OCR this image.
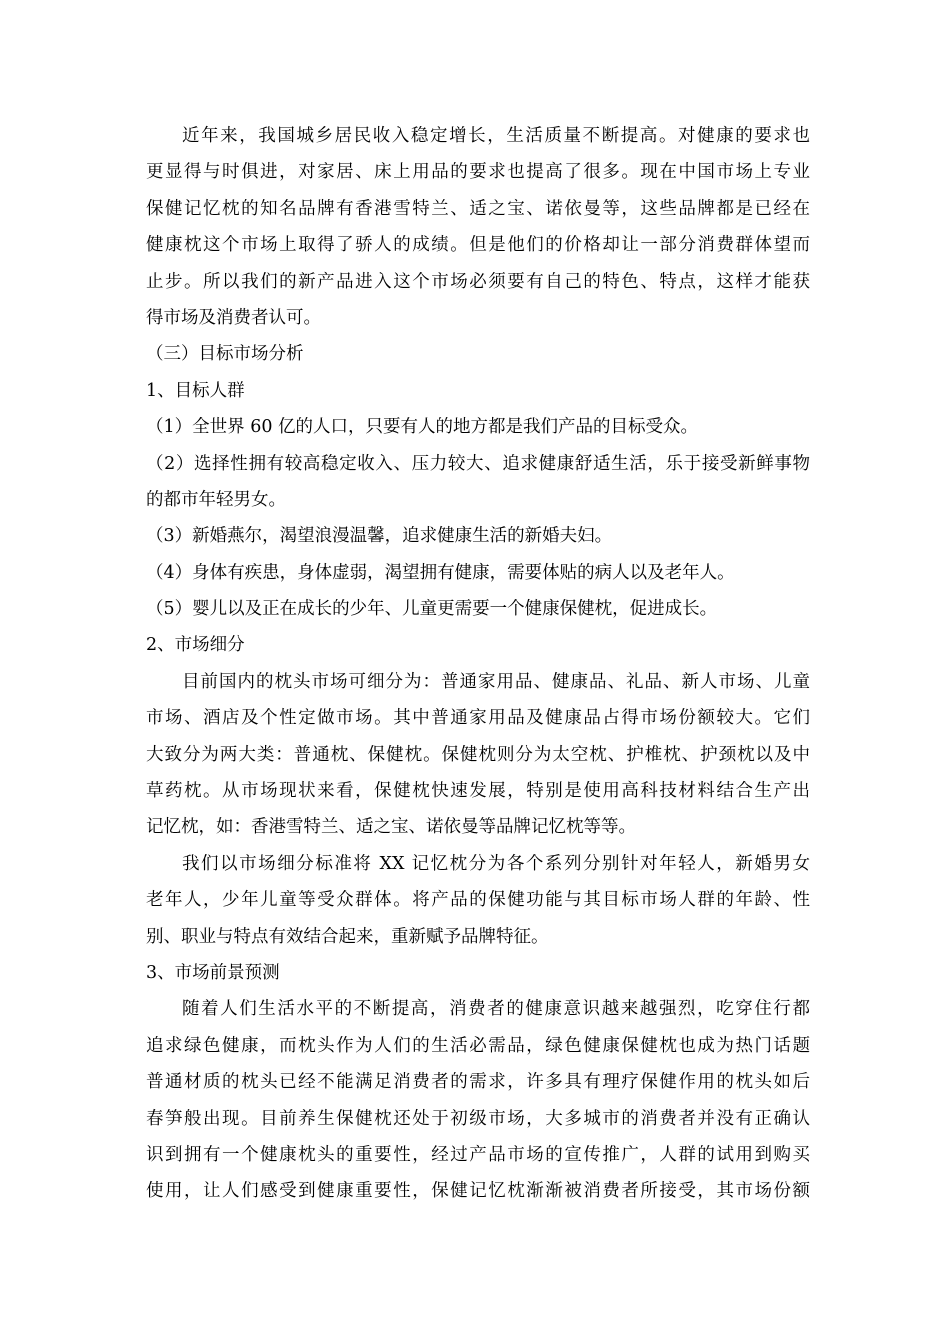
近年来，我国城乡居民收入稳定增长，生活质量不断提高。对健康的要求也
更显得与时俱进，对家居、床上用品的要求也提高了很多。现在中国市场上专业
保健记忆枕的知名品牌有香港雪特兰、适之宝、诺依曼等，这些品牌都是已经在
健康枕这个市场上取得了骄人的成绩。但是他们的价格却让一部分消费群体望而
止步。所以我们的新产品进入这个市场必须要有自己的特色、特点，这样才能获
得市场及消费者认可。
（三）目标市场分析
1、目标人群
（1）全世界 60 亿的人口，只要有人的地方都是我们产品的目标受众。
（2）选择性拥有较高稳定收入、压力较大、追求健康舒适生活，乐于接受新鲜事物
的都市年轻男女。
（3）新婚燕尔，渴望浪漫温馨，追求健康生活的新婚夫妇。
（4）身体有疾患，身体虚弱，渴望拥有健康，需要体贴的病人以及老年人。
（5）婴儿以及正在成长的少年、儿童更需要一个健康保健枕，促进成长。
2、市场细分
目前国内的枕头市场可细分为：普通家用品、健康品、礼品、新人市场、儿童
市场、酒店及个性定做市场。其中普通家用品及健康品占得市场份额较大。它们
大致分为两大类：普通枕、保健枕。保健枕则分为太空枕、护椎枕、护颈枕以及中
草药枕。从市场现状来看，保健枕快速发展，特别是使用高科技材料结合生产出
记忆枕，如：香港雪特兰、适之宝、诺依曼等品牌记忆枕等等。
我们以市场细分标准将 XX 记忆枕分为各个系列分别针对年轻人，新婚男女
老年人，少年儿童等受众群体。将产品的保健功能与其目标市场人群的年龄、性
别、职业与特点有效结合起来，重新赋予品牌特征。
3、市场前景预测
随着人们生活水平的不断提高，消费者的健康意识越来越强烈，吃穿住行都
追求绿色健康，而枕头作为人们的生活必需品，绿色健康保健枕也成为热门话题
普通材质的枕头已经不能满足消费者的需求，许多具有理疗保健作用的枕头如后
春笋般出现。目前养生保健枕还处于初级市场，大多城市的消费者并没有正确认
识到拥有一个健康枕头的重要性，经过产品市场的宣传推广，人群的试用到购买
使用，让人们感受到健康重要性，保健记忆枕渐渐被消费者所接受，其市场份额
